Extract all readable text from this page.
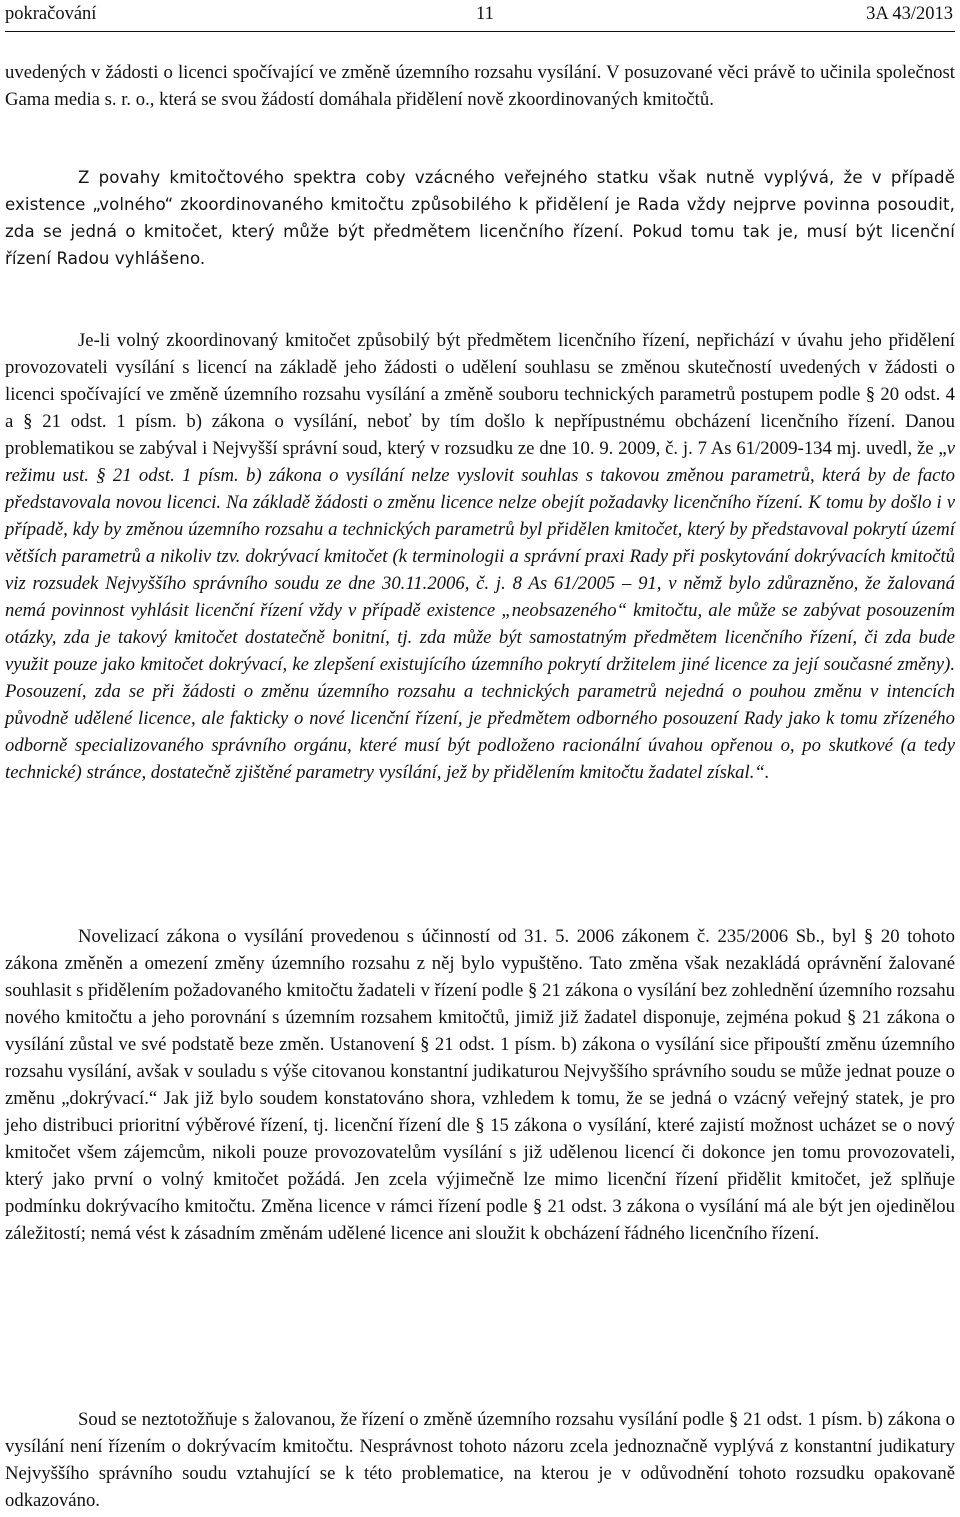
pokračování	11	3A 43/2013

uvedených v žádosti o licenci spočívající ve změně územního rozsahu vysílání. V posuzované věci právě to učinila společnost Gama media s. r. o., která se svou žádostí domáhala přidělení nově zkoordinovaných kmitočtů.

Z povahy kmitočtového spektra coby vzácného veřejného statku však nutně vyplývá, že v případě existence „volného“ zkoordinovaného kmitočtu způsobilého k přidělení je Rada vždy nejprve povinna posoudit, zda se jedná o kmitočet, který může být předmětem licenčního řízení. Pokud tomu tak je, musí být licenční řízení Radou vyhlášeno.

Je-li volný zkoordinovaný kmitočet způsobilý být předmětem licenčního řízení, nepřichází v úvahu jeho přidělení provozovateli vysílání s licencí na základě jeho žádosti o udělení souhlasu se změnou skutečností uvedených v žádosti o licenci spočívající ve změně územního rozsahu vysílání a změně souboru technických parametrů postupem podle § 20 odst. 4 a § 21 odst. 1 písm. b) zákona o vysílání, neboť by tím došlo k nepřípustnému obcházení licenčního řízení. Danou problematikou se zabýval i Nejvyšší správní soud, který v rozsudku ze dne 10. 9. 2009, č. j. 7 As 61/2009-134 mj. uvedl, že „v režimu ust. § 21 odst. 1 písm. b) zákona o vysílání nelze vyslovit souhlas s takovou změnou parametrů, která by de facto představovala novou licenci. Na základě žádosti o změnu licence nelze obejít požadavky licenčního řízení. K tomu by došlo i v případě, kdy by změnou územního rozsahu a technických parametrů byl přidělen kmitočet, který by představoval pokrytí území větších parametrů a nikoliv tzv. dokrývací kmitočet (k terminologii a správní praxi Rady při poskytování dokrývacích kmitočtů viz rozsudek Nejvyššího správního soudu ze dne 30.11.2006, č. j. 8 As 61/2005 – 91, v němž bylo zdůrazněno, že žalovaná nemá povinnost vyhlásit licenční řízení vždy v případě existence „neobsazeného“ kmitočtu, ale může se zabývat posouzením otázky, zda je takový kmitočet dostatečně bonitní, tj. zda může být samostatným předmětem licenčního řízení, či zda bude využit pouze jako kmitočet dokrývací, ke zlepšení existujícího územního pokrytí držitelem jiné licence za její současné změny). Posouzení, zda se při žádosti o změnu územního rozsahu a technických parametrů nejedná o pouhou změnu v intencích původně udělené licence, ale fakticky o nové licenční řízení, je předmětem odborného posouzení Rady jako k tomu zřízeného odborně specializovaného správního orgánu, které musí být podloženo racionální úvahou opřenou o, po skutkové (a tedy technické) stránce, dostatečně zjištěné parametry vysílání, jež by přidělením kmitočtu žadatel získal.“.

Novelizací zákona o vysílání provedenou s účinností od 31. 5. 2006 zákonem č. 235/2006 Sb., byl § 20 tohoto zákona změněn a omezení změny územního rozsahu z něj bylo vypuštěno. Tato změna však nezakládá oprávnění žalované souhlasit s přidělením požadovaného kmitočtu žadateli v řízení podle § 21 zákona o vysílání bez zohlednění územního rozsahu nového kmitočtu a jeho porovnání s územním rozsahem kmitočtů, jimiž již žadatel disponuje, zejména pokud § 21 zákona o vysílání zůstal ve své podstatě beze změn. Ustanovení § 21 odst. 1 písm. b) zákona o vysílání sice připouští změnu územního rozsahu vysílání, avšak v souladu s výše citovanou konstantní judikaturou Nejvyššího správního soudu se může jednat pouze o změnu „dokrývací.“ Jak již bylo soudem konstatováno shora, vzhledem k tomu, že se jedná o vzácný veřejný statek, je pro jeho distribuci prioritní výběrové řízení, tj. licenční řízení dle § 15 zákona o vysílání, které zajistí možnost ucházet se o nový kmitočet všem zájemcům, nikoli pouze provozovatelům vysílání s již udělenou licencí či dokonce jen tomu provozovateli, který jako první o volný kmitočet požádá. Jen zcela výjimečně lze mimo licenční řízení přidělit kmitočet, jež splňuje podmínku dokrývacího kmitočtu. Změna licence v rámci řízení podle § 21 odst. 3 zákona o vysílání má ale být jen ojedinělou záležitostí; nemá vést k zásadním změnám udělené licence ani sloužit k obcházení řádného licenčního řízení.

Soud se neztotožňuje s žalovanou, že řízení o změně územního rozsahu vysílání podle § 21 odst. 1 písm. b) zákona o vysílání není řízením o dokrývacím kmitočtu. Nesprávnost tohoto názoru zcela jednoznačně vyplývá z konstantní judikatury Nejvyššího správního soudu vztahující se k této problematice, na kterou je v odůvodnění tohoto rozsudku opakovaně odkazováno.
